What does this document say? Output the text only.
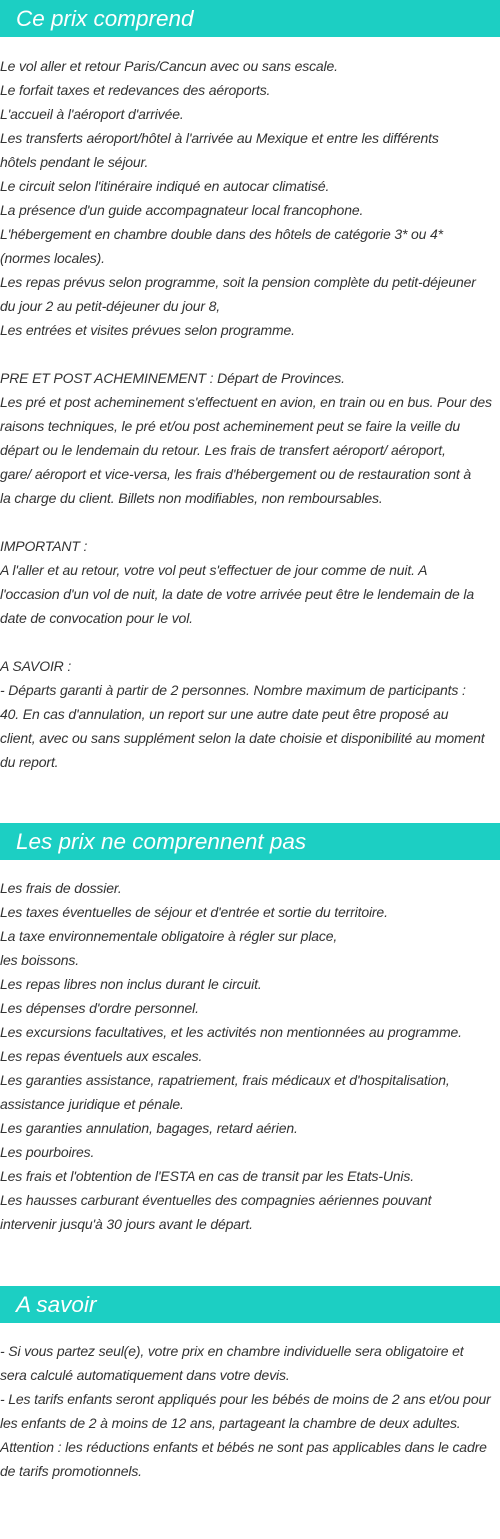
Ce prix comprend
Le vol aller et retour Paris/Cancun avec ou sans escale.
Le forfait taxes et redevances des aéroports.
L'accueil à l'aéroport d'arrivée.
Les transferts aéroport/hôtel à l'arrivée au Mexique et entre les différents
hôtels pendant le séjour.
Le circuit selon l'itinéraire indiqué en autocar climatisé.
La présence d'un guide accompagnateur local francophone.
L'hébergement en chambre double dans des hôtels de catégorie 3* ou 4*
(normes locales).
Les repas prévus selon programme, soit la pension complète du petit-déjeuner
du jour 2 au petit-déjeuner du jour 8,
Les entrées et visites prévues selon programme.
PRE ET POST ACHEMINEMENT : Départ de Provinces.
Les pré et post acheminement s'effectuent en avion, en train ou en bus. Pour des
raisons techniques, le pré et/ou post acheminement peut se faire la veille du
départ ou le lendemain du retour. Les frais de transfert aéroport/ aéroport,
gare/ aéroport et vice-versa, les frais d'hébergement ou de restauration sont à
la charge du client. Billets non modifiables, non remboursables.
IMPORTANT :
A l'aller et au retour, votre vol peut s'effectuer de jour comme de nuit. A
l'occasion d'un vol de nuit, la date de votre arrivée peut être le lendemain de la
date de convocation pour le vol.
A SAVOIR :
- Départs garanti à partir de 2 personnes. Nombre maximum de participants :
40. En cas d'annulation, un report sur une autre date peut être proposé au
client, avec ou sans supplément selon la date choisie et disponibilité au moment
du report.
Les prix ne comprennent pas
Les frais de dossier.
Les taxes éventuelles de séjour et d'entrée et sortie du territoire.
La taxe environnementale obligatoire à régler sur place,
les boissons.
Les repas libres non inclus durant le circuit.
Les dépenses d'ordre personnel.
Les excursions facultatives, et les activités non mentionnées au programme.
Les repas éventuels aux escales.
Les garanties assistance, rapatriement, frais médicaux et d'hospitalisation,
assistance juridique et pénale.
Les garanties annulation, bagages, retard aérien.
Les pourboires.
Les frais et l'obtention de l'ESTA en cas de transit par les Etats-Unis.
Les hausses carburant éventuelles des compagnies aériennes pouvant
intervenir jusqu'à 30 jours avant le départ.
A savoir
- Si vous partez seul(e), votre prix en chambre individuelle sera obligatoire et
sera calculé automatiquement dans votre devis.
- Les tarifs enfants seront appliqués pour les bébés de moins de 2 ans et/ou pour
les enfants de 2 à moins de 12 ans, partageant la chambre de deux adultes.
Attention : les réductions enfants et bébés ne sont pas applicables dans le cadre
de tarifs promotionnels.
